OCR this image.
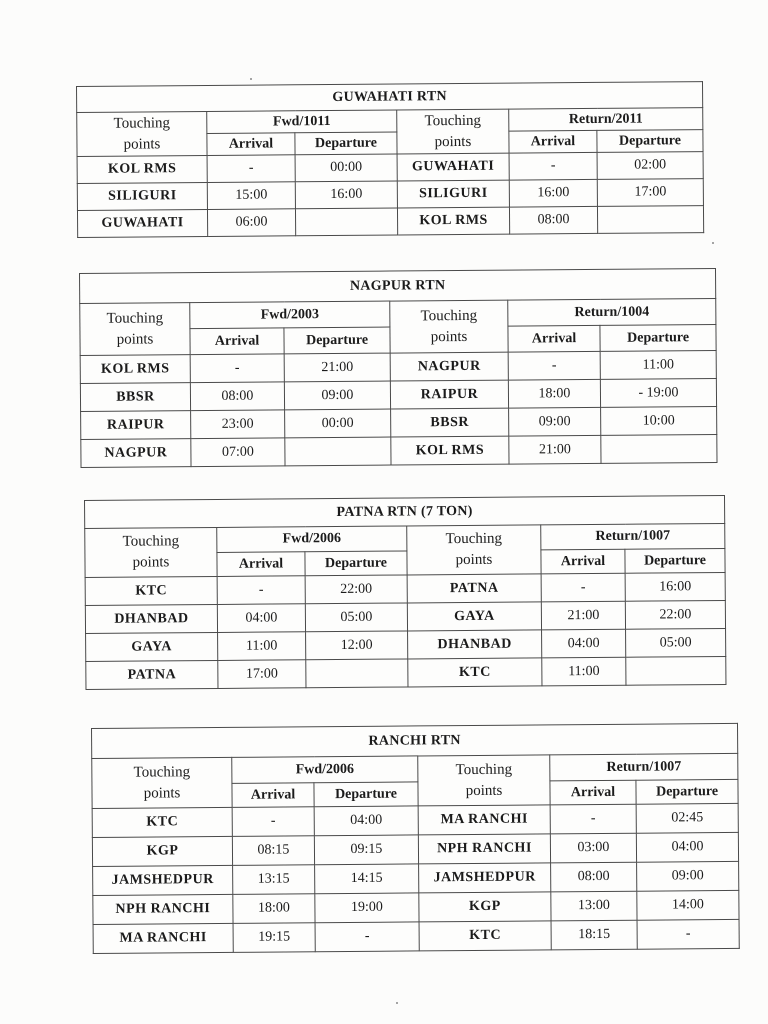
GUWAHATI RTN					

Touching
points	Fwd/1011		Touching
points	Return/2011	
	Arrival	Departure		Arrival	Departure
KOL RMS	-	00:00	GUWAHATI	-	02:00
SILIGURI	15:00	16:00	SILIGURI	16:00	17:00
GUWAHATI	06:00		KOL RMS	08:00	
NAGPUR RTN					

Touching
points	Fwd/2003		Touching
points	Return/1004	
	Arrival	Departure		Arrival	Departure
KOL RMS	-	21:00	NAGPUR	-	11:00
BBSR	08:00	09:00	RAIPUR	18:00	- 19:00
RAIPUR	23:00	00:00	BBSR	09:00	10:00
NAGPUR	07:00		KOL RMS	21:00	
PATNA RTN (7 TON)					

Touching
points	Fwd/2006		Touching
points	Return/1007	
	Arrival	Departure		Arrival	Departure
KTC	-	22:00	PATNA	-	16:00
DHANBAD	04:00	05:00	GAYA	21:00	22:00
GAYA	11:00	12:00	DHANBAD	04:00	05:00
PATNA	17:00		KTC	11:00	
RANCHI RTN					

Touching
points	Fwd/2006		Touching
points	Return/1007	
	Arrival	Departure		Arrival	Departure
KTC	-	04:00	MA RANCHI	-	02:45
KGP	08:15	09:15	NPH RANCHI	03:00	04:00
JAMSHEDPUR	13:15	14:15	JAMSHEDPUR	08:00	09:00
NPH RANCHI	18:00	19:00	KGP	13:00	14:00
MA RANCHI	19:15	-	KTC	18:15	-
